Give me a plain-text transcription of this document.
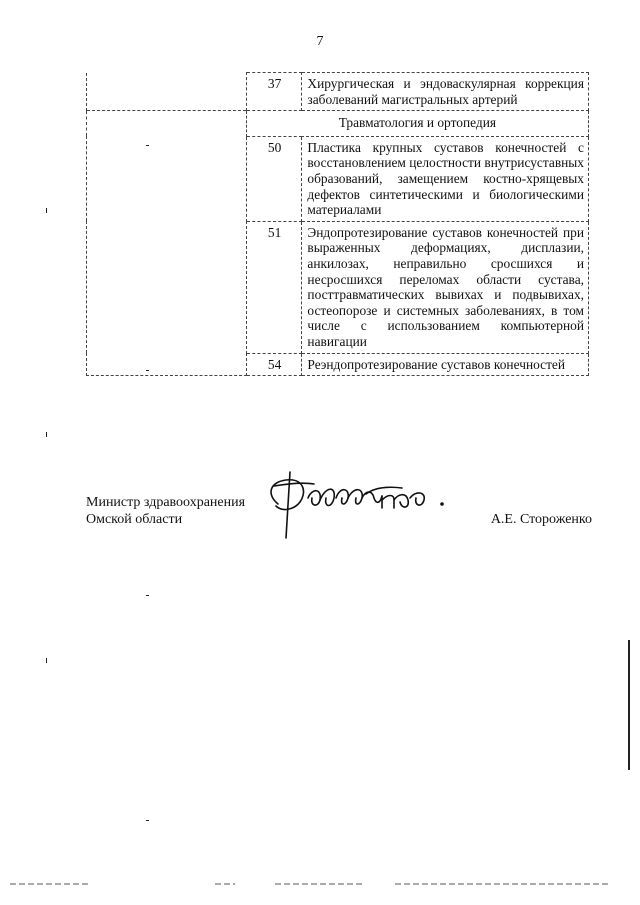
7
	37	Хирургическая и эндоваскулярная коррекция заболеваний магистральных артерий
	Травматология и ортопедия	
	50	Пластика крупных суставов конечностей с восстановлением целостности внутрисуставных образований, замещением костно-хрящевых дефектов синтетическими и биологическими материалами
	51	Эндопротезирование суставов конечностей при выраженных деформациях, дисплазии, анкилозах, неправильно сросшихся и несросшихся переломах области сустава, посттравматических вывихах и подвывихах, остеопорозе и системных заболеваниях, в том числе с использованием компьютерной навигации
	54	Реэндопротезирование суставов конечностей
Министр здравоохранения
Омской области	А.Е. Стороженко
